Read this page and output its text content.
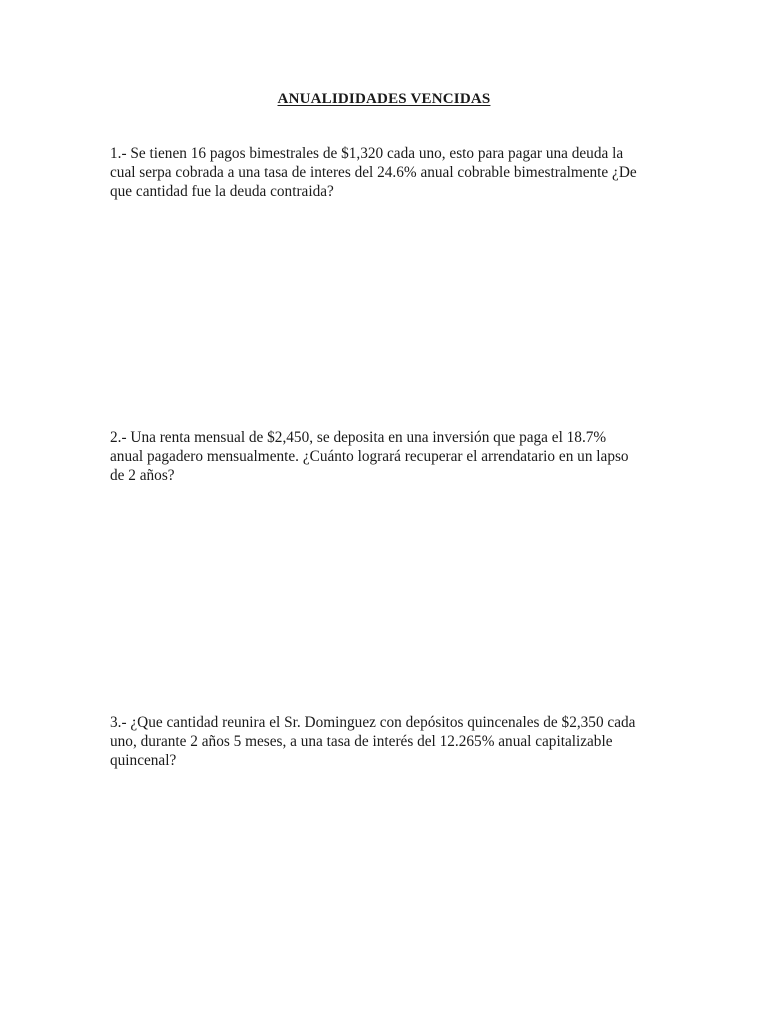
ANUALIDIDADES VENCIDAS

1.- Se tienen 16 pagos bimestrales de $1,320 cada uno, esto para pagar una deuda la cual serpa cobrada a una tasa de interes del 24.6% anual cobrable bimestralmente ¿De que cantidad fue la deuda contraida?

2.- Una renta mensual de $2,450, se deposita en una inversión que paga el 18.7% anual pagadero mensualmente. ¿Cuánto logrará recuperar el arrendatario en un lapso de 2 años?

3.- ¿Que cantidad reunira el Sr. Dominguez con depósitos quincenales de $2,350 cada uno, durante 2 años 5 meses, a una tasa de interés del 12.265% anual capitalizable quincenal?
